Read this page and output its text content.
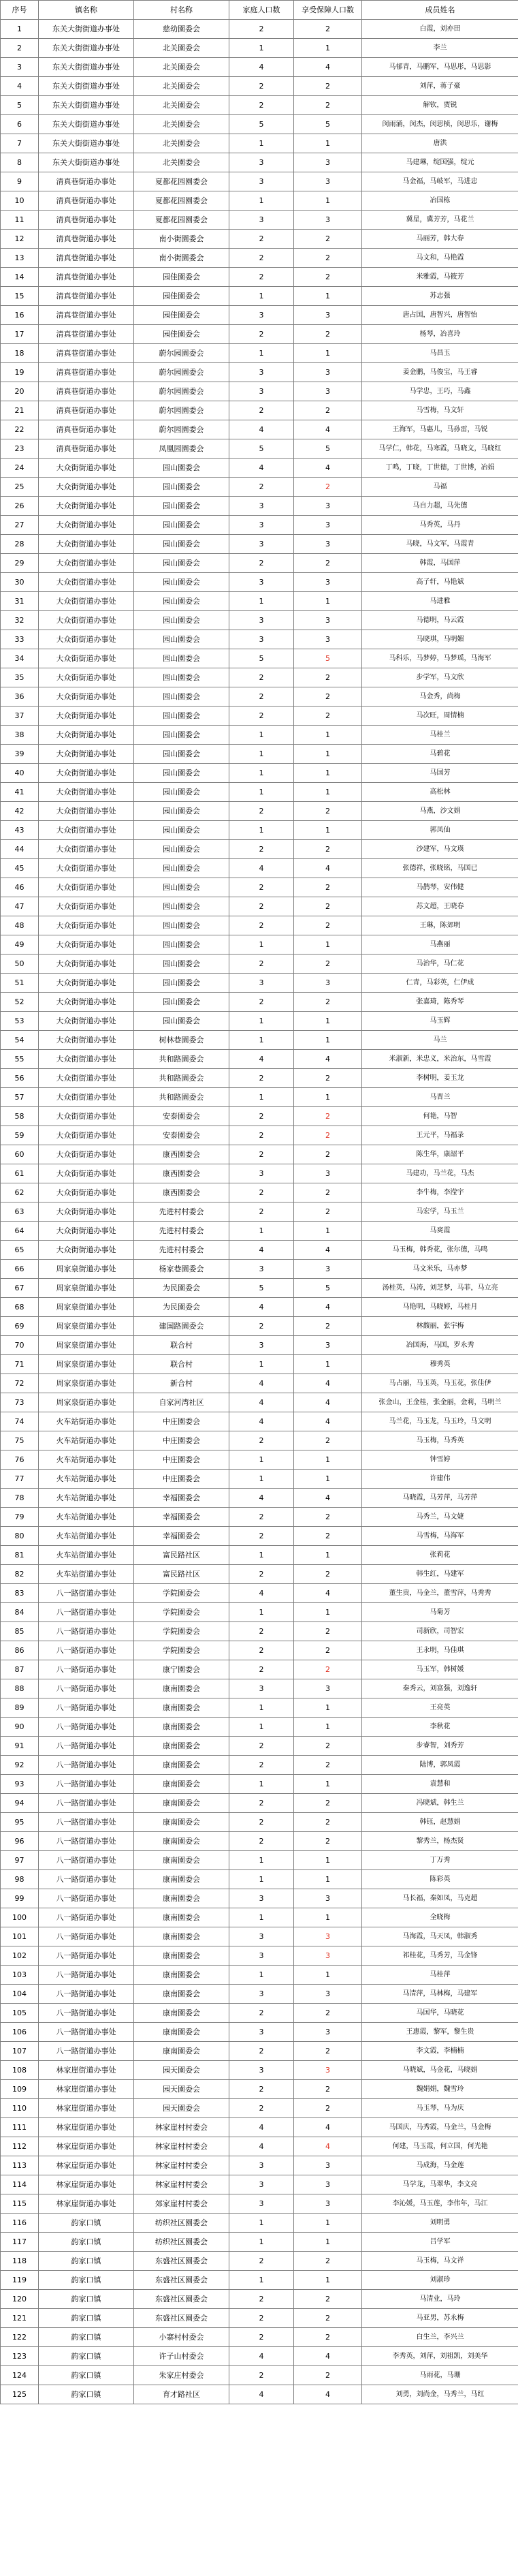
序号	镇名称	村名称	家庭人口数	享受保障人口数	成员姓名
1	东关大街街道办事处	慈幼園委会	2	2	白霞，刘亦田
2	东关大街街道办事处	北关園委会	1	1	李兰
3	东关大街街道办事处	北关園委会	4	4	马郁青，马鹏军，马思彤，马思影
4	东关大街街道办事处	北关園委会	2	2	刘萍，蒋子豪
5	东关大街街道办事处	北关園委会	2	2	解钦，贾锐
6	东关大街街道办事处	北关園委会	5	5	闵雨涌，闵杰，闵思桢，闵思乐，谢梅
7	东关大街街道办事处	北关園委会	1	1	唐洪
8	东关大街街道办事处	北关園委会	3	3	马建琳，绽国强，绽元
9	清真巷街道办事处	夏都花园園委会	3	3	马金福，马岐军，马进忠
10	清真巷街道办事处	夏都花园園委会	1	1	冶国栋
11	清真巷街道办事处	夏都花园園委会	3	3	冀星，冀芳芳，马花兰
12	清真巷街道办事处	南小街園委会	2	2	马丽芳，韩大春
13	清真巷街道办事处	南小街園委会	2	2	马文和，马艳霞
14	清真巷街道办事处	园佳園委会	2	2	米雅霞，马筱芳
15	清真巷街道办事处	园佳園委会	1	1	苏志强
16	清真巷街道办事处	园佳園委会	3	3	唐占国，唐智兴，唐智怡
17	清真巷街道办事处	园佳園委会	2	2	杨琴，冶喜玲
18	清真巷街道办事处	蔚尔园園委会	1	1	马昌玉
19	清真巷街道办事处	蔚尔园園委会	3	3	姜金鹏，马俊宝，马王睿
20	清真巷街道办事处	蔚尔园園委会	3	3	马学忠，王巧，马鑫
21	清真巷街道办事处	蔚尔园園委会	2	2	马雪梅，马文轩
22	清真巷街道办事处	蔚尔园園委会	4	4	王海军，马惠儿，马孙雷，马锐
23	清真巷街道办事处	凤凰园園委会	5	5	马学仁，韩花，马寒霞，马晓文，马晓红
24	大众街街道办事处	园山園委会	4	4	丁鸣，丁晓，丁世德，丁世博，冶娟
25	大众街街道办事处	园山園委会	2	2	马福
26	大众街街道办事处	园山園委会	3	3	马自力超，马先德
27	大众街街道办事处	园山園委会	3	3	马秀英，马丹
28	大众街街道办事处	园山園委会	3	3	马晓，马文军，马霞青
29	大众街街道办事处	园山園委会	2	2	韩霞，马国萍
30	大众街街道办事处	园山園委会	3	3	高子轩，马艳斌
31	大众街街道办事处	园山園委会	1	1	马进雅
32	大众街街道办事处	园山園委会	3	3	马德明，马云霞
33	大众街街道办事处	园山園委会	3	3	马晓琪，马明媚
34	大众街街道办事处	园山園委会	5	5	马科乐，马梦婷，马梦瑶，马海军
35	大众街街道办事处	园山園委会	2	2	步学军，马文欣
36	大众街街道办事处	园山園委会	2	2	马金秀，尚梅
37	大众街街道办事处	园山園委会	2	2	马次旺，周情楠
38	大众街街道办事处	园山園委会	1	1	马桂兰
39	大众街街道办事处	园山園委会	1	1	马碧花
40	大众街街道办事处	园山園委会	1	1	马国芳
41	大众街街道办事处	园山園委会	1	1	高松林
42	大众街街道办事处	园山園委会	2	2	马燕，沙文娟
43	大众街街道办事处	园山園委会	1	1	郭凤仙
44	大众街街道办事处	园山園委会	2	2	沙建军，马文瑛
45	大众街街道办事处	园山園委会	4	4	张德祥，张晓铭，马国已
46	大众街街道办事处	园山園委会	2	2	马鹊琴，安伟健
47	大众街街道办事处	园山園委会	2	2	苏文超，王晓春
48	大众街街道办事处	园山園委会	2	2	王琳，陈郊明
49	大众街街道办事处	园山園委会	1	1	马燕丽
50	大众街街道办事处	园山園委会	2	2	马治华，马仁花
51	大众街街道办事处	园山園委会	3	3	仁青，马彩英，仁伊成
52	大众街街道办事处	园山園委会	2	2	张嘉琦，陈秀琴
53	大众街街道办事处	园山園委会	1	1	马玉辉
54	大众街街道办事处	树林巷園委会	1	1	马兰
55	大众街街道办事处	共和路園委会	4	4	米淑新，米忠义，米治东，马雪霞
56	大众街街道办事处	共和路園委会	2	2	李树明，姜玉龙
57	大众街街道办事处	共和路園委会	1	1	马晋兰
58	大众街街道办事处	安泰園委会	2	2	何艳，马智
59	大众街街道办事处	安泰園委会	2	2	王元平，马福录
60	大众街街道办事处	康西園委会	2	2	陈生华，康韶平
61	大众街街道办事处	康西園委会	3	3	马建功，马兰花，马杰
62	大众街街道办事处	康西園委会	2	2	李牛梅，李滢宇
63	大众街街道办事处	先进村村委会	2	2	马宏学，马玉兰
64	大众街街道办事处	先进村村委会	1	1	马爽霞
65	大众街街道办事处	先进村村委会	4	4	马玉梅，韩秀花，张尔德，马鸣
66	周家泉街道办事处	杨家巷園委会	3	3	马文米乐，马亦梦
67	周家泉街道办事处	为民園委会	5	5	汤桂英，马涛，刘芝梦，马菲，马立亮
68	周家泉街道办事处	为民園委会	4	4	马艳明，马晓婷，马桂月
69	周家泉街道办事处	建国路園委会	2	2	林馥丽，张宇梅
70	周家泉街道办事处	联合村	3	3	冶国海，马国，罗永秀
71	周家泉街道办事处	联合村	1	1	穆秀英
72	周家泉街道办事处	新合村	4	4	马占丽，马玉英，马玉花，张佳伊
73	周家泉街道办事处	自家河湾社区	4	4	张金山，王金桂，张金丽，金莉，马明兰
74	火车站街道办事处	中庄園委会	4	4	马兰花，马玉龙，马玉玲，马文明
75	火车站街道办事处	中庄園委会	2	2	马玉梅，马秀英
76	火车站街道办事处	中庄園委会	1	1	钟雪婷
77	火车站街道办事处	中庄園委会	1	1	许建伟
78	火车站街道办事处	幸福園委会	4	4	马晓霞，马芳萍，马芳萍
79	火车站街道办事处	幸福園委会	2	2	马秀兰，马文婕
80	火车站街道办事处	幸福園委会	2	2	马雪梅，马海军
81	火车站街道办事处	富民路社区	1	1	张莉花
82	火车站街道办事处	富民路社区	2	2	韩生红，马建军
83	八一路街道办事处	学院園委会	4	4	董生贵，马金兰，董雪萍，马秀秀
84	八一路街道办事处	学院園委会	1	1	马菊芳
85	八一路街道办事处	学院園委会	2	2	司新欣，司智宏
86	八一路街道办事处	学院園委会	2	2	王永明，马佳琪
87	八一路街道办事处	康宁園委会	2	2	马玉军，韩树媛
88	八一路街道办事处	康南園委会	3	3	秦秀云，刘富强，刘逸轩
89	八一路街道办事处	康南園委会	1	1	王亮英
90	八一路街道办事处	康南園委会	1	1	李秋花
91	八一路街道办事处	康南園委会	2	2	步睿智，刘秀芳
92	八一路街道办事处	康南園委会	2	2	陆博，郭凤霞
93	八一路街道办事处	康南園委会	1	1	袁慧和
94	八一路街道办事处	康南園委会	2	2	冯晓斌，韩生兰
95	八一路街道办事处	康南園委会	2	2	韩钰，赵慧娟
96	八一路街道办事处	康南園委会	2	2	黎秀兰，杨杰贤
97	八一路街道办事处	康南園委会	1	1	丁万秀
98	八一路街道办事处	康南園委会	1	1	陈彩英
99	八一路街道办事处	康南園委会	3	3	马长福，秦如凤，马克超
100	八一路街道办事处	康南園委会	1	1	全晓梅
101	八一路街道办事处	康南園委会	3	3	马海霞，马天凤，韩淑秀
102	八一路街道办事处	康南園委会	3	3	祁桂花，马秀芳，马金锋
103	八一路街道办事处	康南園委会	1	1	马桂萍
104	八一路街道办事处	康南園委会	3	3	马清萍，马林梅，马建军
105	八一路街道办事处	康南園委会	2	2	马国华，马晓花
106	八一路街道办事处	康南園委会	3	3	王惠霞，黎军，黎生贵
107	八一路街道办事处	康南園委会	2	2	李文霞，李楠楠
108	林家崖街道办事处	园天園委会	3	3	马晓斌，马金花，马晓娟
109	林家崖街道办事处	园天園委会	2	2	魏娟娟，魏雪玲
110	林家崖街道办事处	园天園委会	2	2	马玉琴，马为庆
111	林家崖街道办事处	林家崖村村委会	4	4	马国庆，马秀霞，马金兰，马金梅
112	林家崖街道办事处	林家崖村村委会	4	4	何建，马玉霞，何立国，何光艳
113	林家崖街道办事处	林家崖村村委会	3	3	马成海，马金莲
114	林家崖街道办事处	林家崖村村委会	3	3	马学龙，马翠华，李文亮
115	林家崖街道办事处	郊家崖村村委会	3	3	李沁媛，马玉莲，李伟年，马江
116	韵家口镇	纺织社区園委会	1	1	刘明勇
117	韵家口镇	纺织社区園委会	1	1	吕学军
118	韵家口镇	东盛社区園委会	2	2	马玉梅，马文祥
119	韵家口镇	东盛社区園委会	1	1	刘淑珍
120	韵家口镇	东盛社区園委会	2	2	马清业，马玲
121	韵家口镇	东盛社区園委会	2	2	马亚男，苏永梅
122	韵家口镇	小寨村村委会	2	2	白生兰，李兴兰
123	韵家口镇	许子山村委会	4	4	李秀英，刘萍，刘祖凯，刘美华
124	韵家口镇	朱家庄村委会	2	2	马雨花，马珊
125	韵家口镇	育才路社区	4	4	刘勇，刘尚金，马秀兰，马红
